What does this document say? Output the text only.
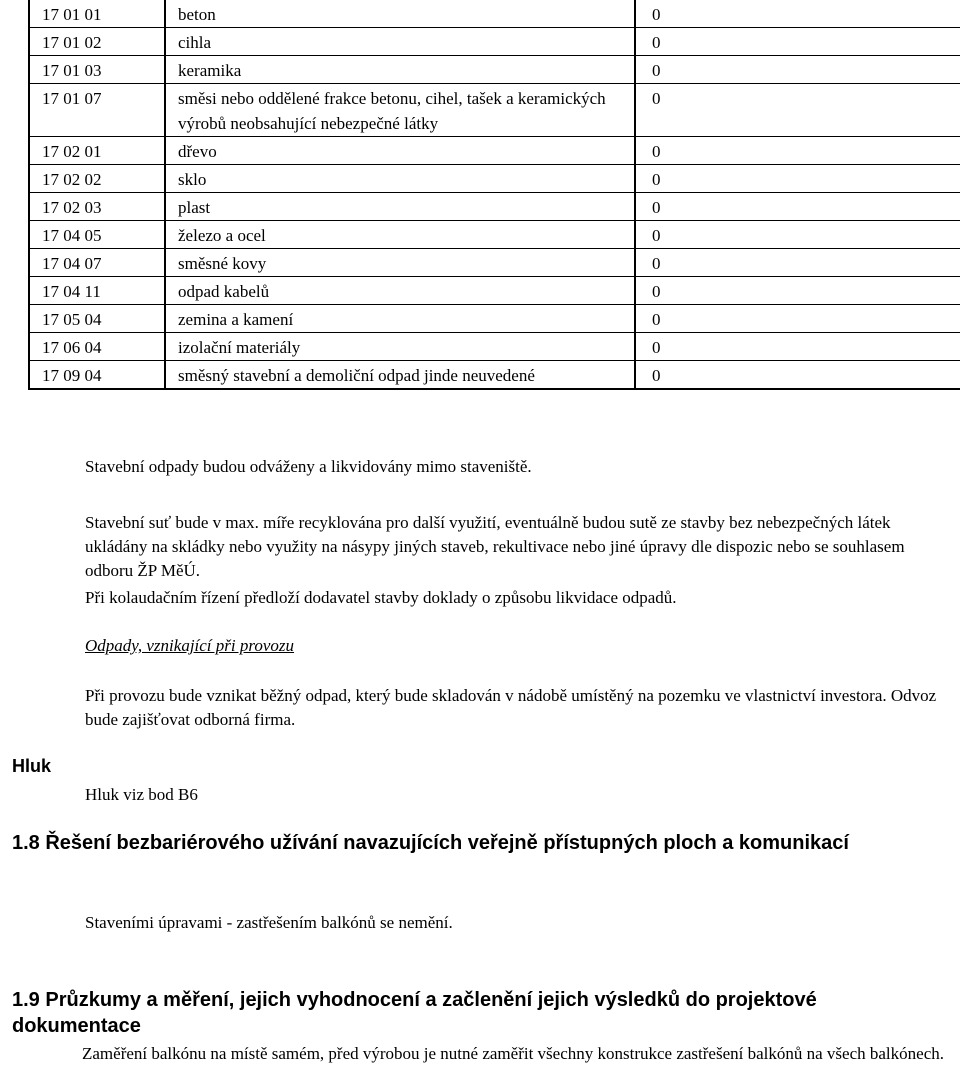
17 01 01	beton	0
17 01 02	cihla	0
17 01 03	keramika	0
17 01 07	směsi nebo oddělené frakce betonu, cihel, tašek a keramických výrobů neobsahující nebezpečné látky	0
17 02 01	dřevo	0
17 02 02	sklo	0
17 02 03	plast	0
17 04 05	železo a ocel	0
17 04 07	směsné kovy	0
17 04 11	odpad kabelů	0
17 05 04	zemina a kamení	0
17 06 04	izolační materiály	0
17 09 04	směsný stavební a demoliční odpad jinde neuvedené	0

Stavební odpady budou odváženy a likvidovány mimo staveniště.

Stavební suť bude v max. míře recyklována pro další využití, eventuálně budou sutě ze stavby bez nebezpečných látek ukládány na skládky nebo využity na násypy jiných staveb, rekultivace nebo jiné úpravy dle dispozic nebo se souhlasem odboru ŽP MěÚ.

Při kolaudačním řízení předloží dodavatel stavby doklady o způsobu likvidace odpadů.

Odpady, vznikající při provozu

Při provozu bude vznikat běžný odpad, který bude skladován v nádobě umístěný na pozemku ve vlastnictví investora. Odvoz bude zajišťovat odborná firma.

Hluk

Hluk viz bod B6

1.8 Řešení bezbariérového užívání navazujících veřejně přístupných ploch a komunikací

Staveními úpravami - zastřešením balkónů se nemění.

1.9 Průzkumy a měření, jejich vyhodnocení a začlenění jejich výsledků do projektové dokumentace

Zaměření balkónu na místě samém, před výrobou je nutné zaměřit všechny konstrukce zastřešení balkónů na všech balkónech.
